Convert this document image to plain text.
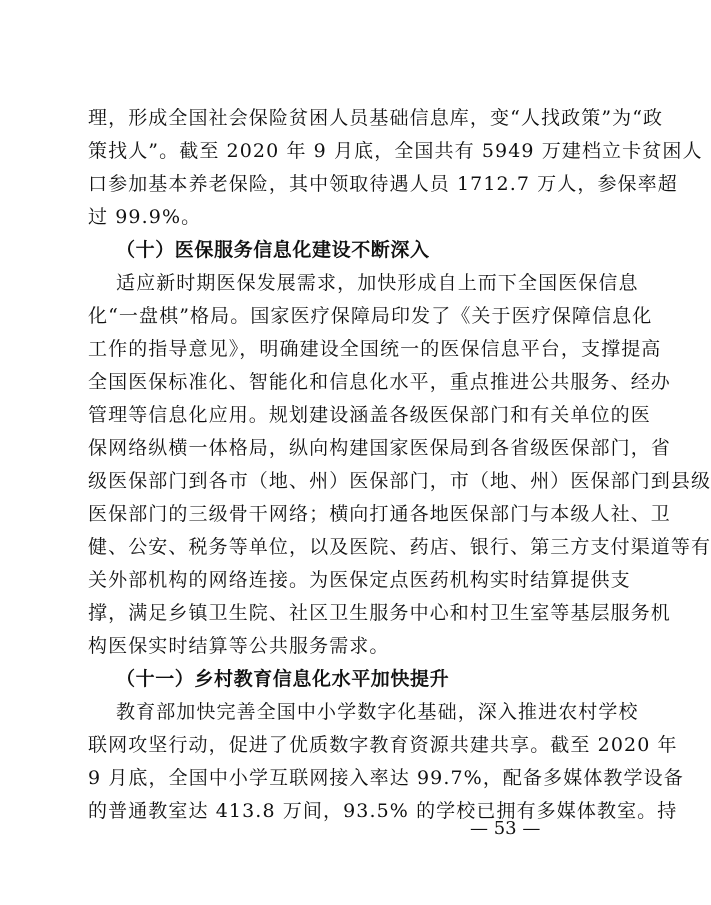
理，形成全国社会保险贫困人员基础信息库，变“人找政策”为“政
策找人”。截至 2020 年 9 月底，全国共有 5949 万建档立卡贫困人
口参加基本养老保险，其中领取待遇人员 1712.7 万人，参保率超
过 99.9%。
（十）医保服务信息化建设不断深入
适应新时期医保发展需求，加快形成自上而下全国医保信息
化“一盘棋”格局。国家医疗保障局印发了《关于医疗保障信息化
工作的指导意见》，明确建设全国统一的医保信息平台，支撑提高
全国医保标准化、智能化和信息化水平，重点推进公共服务、经办
管理等信息化应用。规划建设涵盖各级医保部门和有关单位的医
保网络纵横一体格局，纵向构建国家医保局到各省级医保部门，省
级医保部门到各市（地、州）医保部门，市（地、州）医保部门到县级
医保部门的三级骨干网络；横向打通各地医保部门与本级人社、卫
健、公安、税务等单位，以及医院、药店、银行、第三方支付渠道等有
关外部机构的网络连接。为医保定点医药机构实时结算提供支
撑，满足乡镇卫生院、社区卫生服务中心和村卫生室等基层服务机
构医保实时结算等公共服务需求。
（十一）乡村教育信息化水平加快提升
教育部加快完善全国中小学数字化基础，深入推进农村学校
联网攻坚行动，促进了优质数字教育资源共建共享。截至 2020 年
9 月底，全国中小学互联网接入率达 99.7%，配备多媒体教学设备
的普通教室达 413.8 万间，93.5% 的学校已拥有多媒体教室。持
— 53 —
